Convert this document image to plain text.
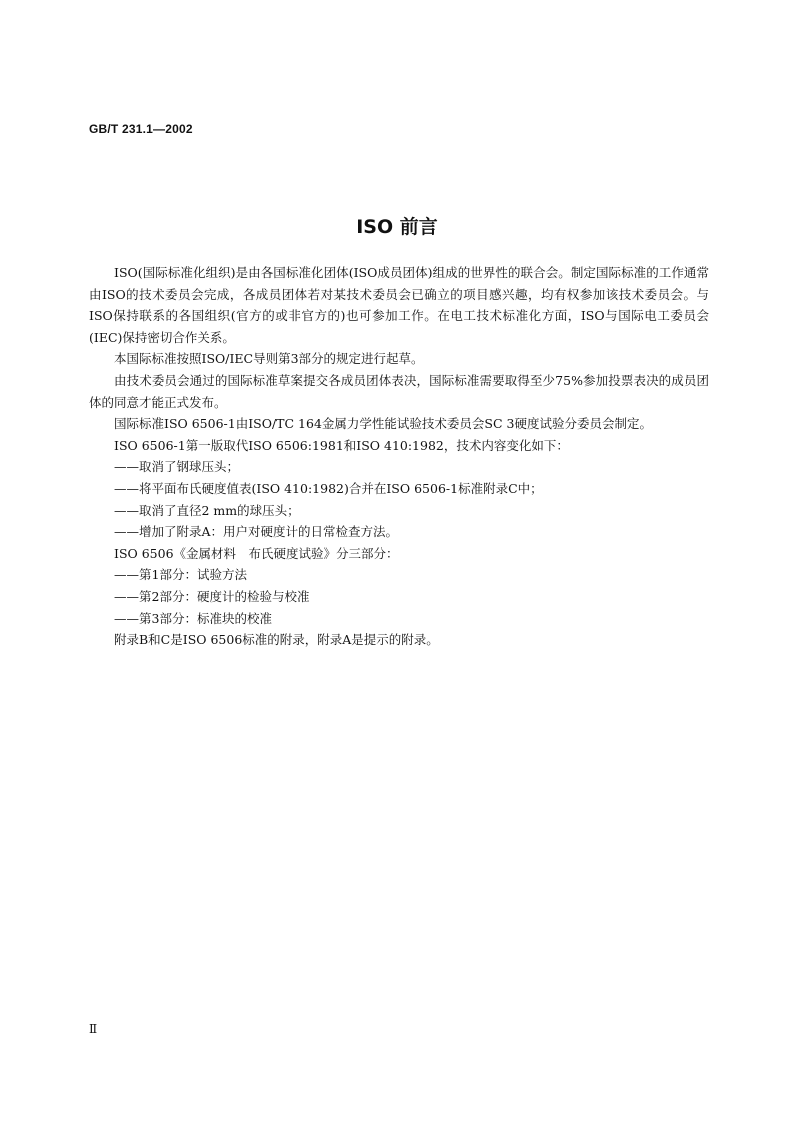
GB/T 231.1—2002
ISO 前言

ISO(国际标准化组织)是由各国标准化团体(ISO成员团体)组成的世界性的联合会。制定国际标准的工作通常由ISO的技术委员会完成，各成员团体若对某技术委员会已确立的项目感兴趣，均有权参加该技术委员会。与ISO保持联系的各国组织(官方的或非官方的)也可参加工作。在电工技术标准化方面，ISO与国际电工委员会(IEC)保持密切合作关系。

本国际标准按照ISO/IEC导则第3部分的规定进行起草。

由技术委员会通过的国际标准草案提交各成员团体表决，国际标准需要取得至少75%参加投票表决的成员团体的同意才能正式发布。

国际标准ISO 6506-1由ISO/TC 164金属力学性能试验技术委员会SC 3硬度试验分委员会制定。

ISO 6506-1第一版取代ISO 6506:1981和ISO 410:1982，技术内容变化如下：

——取消了钢球压头；

——将平面布氏硬度值表(ISO 410:1982)合并在ISO 6506-1标准附录C中；

——取消了直径2 mm的球压头；

——增加了附录A：用户对硬度计的日常检查方法。

ISO 6506《金属材料　布氏硬度试验》分三部分：

——第1部分：试验方法

——第2部分：硬度计的检验与校准

——第3部分：标准块的校准

附录B和C是ISO 6506标准的附录，附录A是提示的附录。

Ⅱ
